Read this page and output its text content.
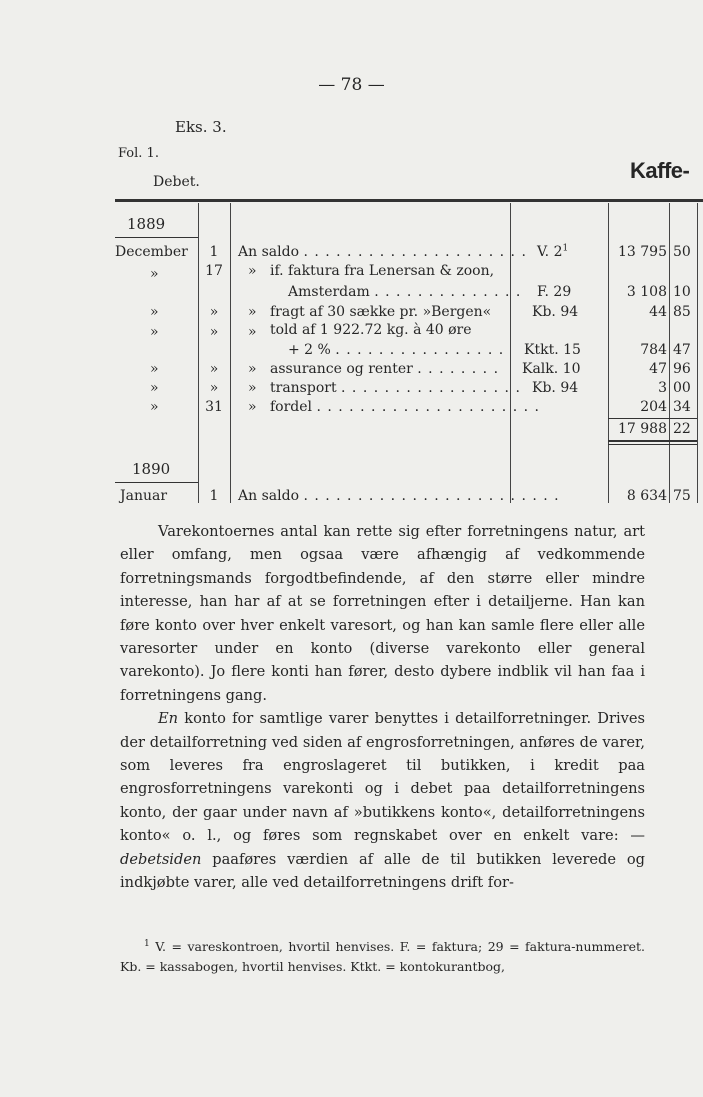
— 78 —
Eks. 3.
Fol. 1.
Debet.	Kaffe-
1889
1890
December	1	An saldo . . . . . . . . . . . . . . . . . . . . . V. $2^1$	13 795 50
»	17	» if. faktura fra Lenersan & zoon,
Amsterdam . . . . . . . . . . . . . . F. 29	3 108 10
»	»	» fragt af 30 sække pr. »Bergen«	Kb. 94	44 85
»	»	» told af 1 922.72 kg. à 40 øre
+ 2 % . . . . . . . . . . . . . . . . Ktkt. 15	784 47
»	»	» assurance og renter . . . . . . . . Kalk. 10	47 96
»	»	» transport . . . . . . . . . . . . . . . . . Kb. 94	3 00
»	31	» fordel . . . . . . . . . . . . . . . . . . . . .	204 34
17 988 22
Januar	1	An saldo . . . . . . . . . . . . . . . . . . . . . . . .	8 634 75

Varekontoernes antal kan rette sig efter forretningens natur, art eller omfang, men ogsaa være afhængig af vedkommende forretningsmands forgodtbefindende, af den større eller mindre interesse, han har af at se forretningen efter i detailjerne. Han kan føre konto over hver enkelt varesort, og han kan samle flere eller alle varesorter under en konto (diverse varekonto eller general varekonto). Jo flere konti han fører, desto dybere indblik vil han faa i forretningens gang.

En konto for samtlige varer benyttes i detailforretninger. Drives der detailforretning ved siden af engrosforretningen, anføres de varer, som leveres fra engroslageret til butikken, i kredit paa engrosforretningens varekonti og i debet paa detailforretningens konto, der gaar under navn af »butikkens konto«, detailforretningens konto« o. l., og føres som regnskabet over en enkelt vare: — debetsiden paaføres værdien af alle de til butikken leverede og indkjøbte varer, alle ved detailforretningens drift for-

$^1$ V. = vareskontroen, hvortil henvises. F. = faktura; 29 = faktura-nummeret. Kb. = kassabogen, hvortil henvises. Ktkt. = kontokurantbog,
